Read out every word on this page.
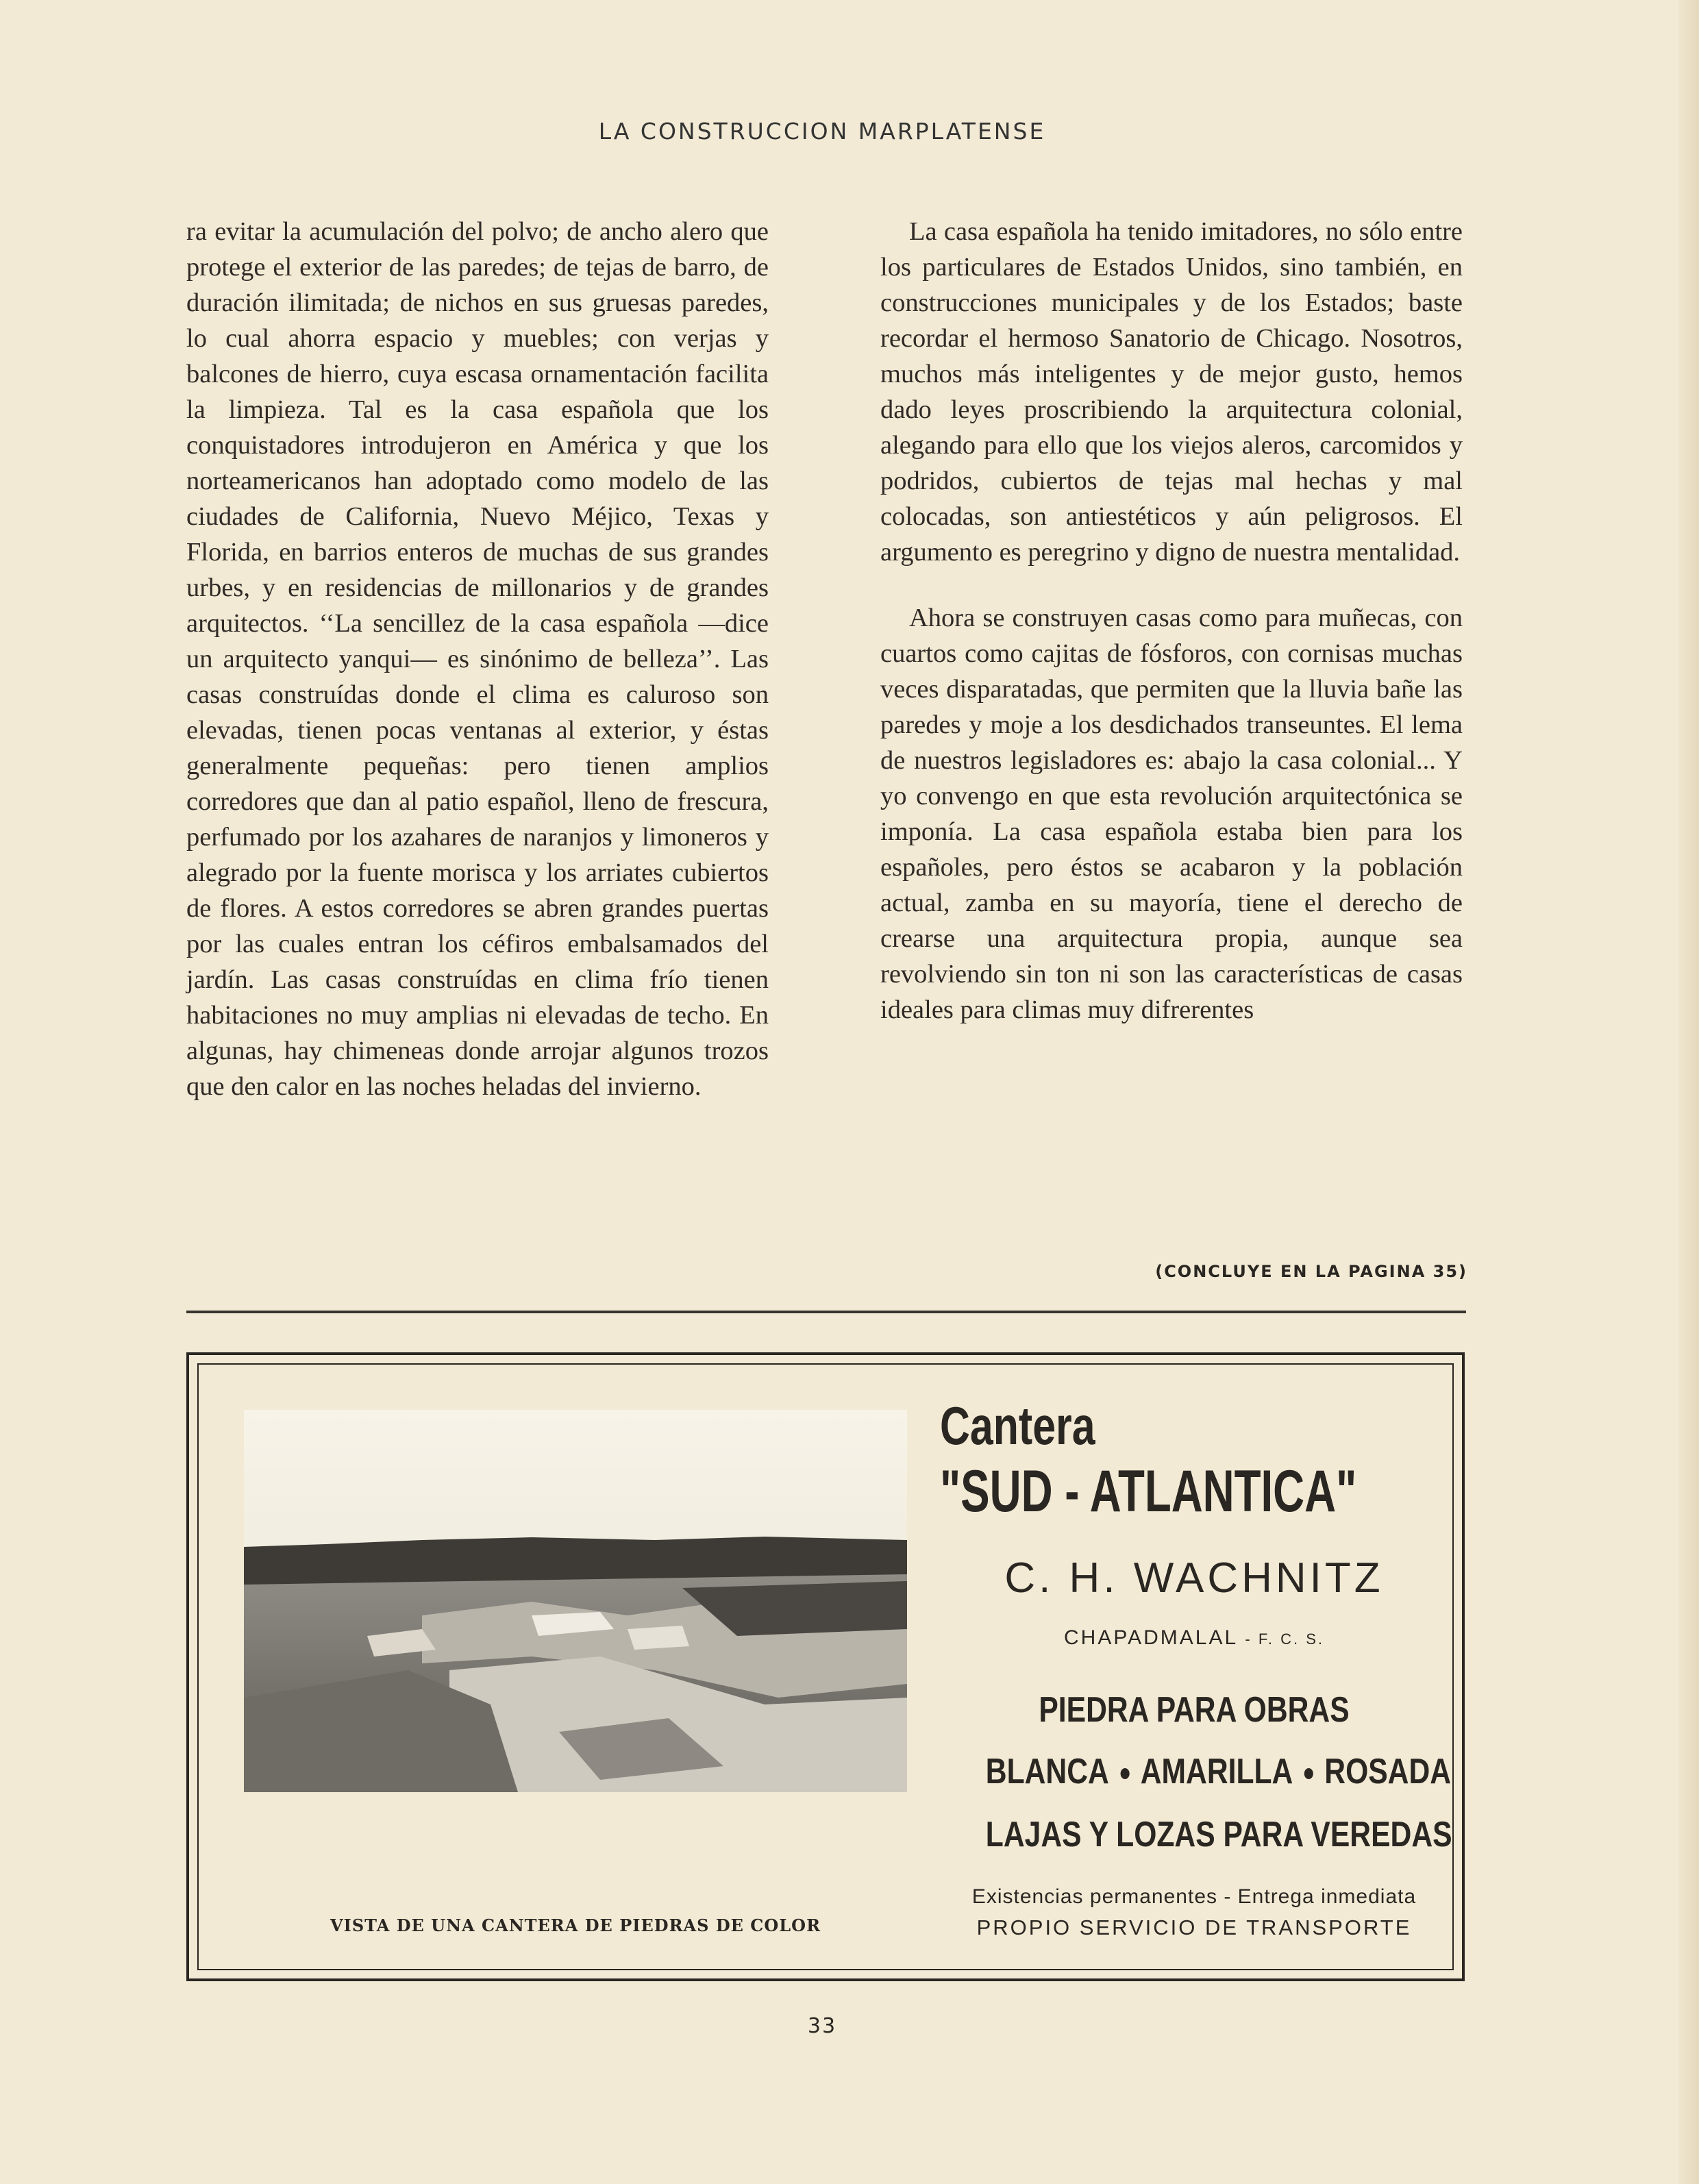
LA CONSTRUCCION MARPLATENSE

ra evitar la acumulación del polvo; de ancho alero que protege el exterior de las paredes; de tejas de barro, de duración ilimitada; de nichos en sus gruesas paredes, lo cual ahorra espacio y muebles; con verjas y balcones de hierro, cuya escasa ornamentación facilita la limpieza. Tal es la casa española que los conquistadores introdujeron en América y que los norteamericanos han adoptado como modelo de las ciudades de California, Nuevo Méjico, Texas y Florida, en barrios enteros de muchas de sus grandes urbes, y en residencias de millonarios y de grandes arquitectos. ‘‘La sencillez de la casa española —dice un arquitecto yanqui— es sinónimo de belleza’’. Las casas construídas donde el clima es caluroso son elevadas, tienen pocas ventanas al exterior, y éstas generalmente pequeñas: pero tienen amplios corredores que dan al patio español, lleno de frescura, perfumado por los azahares de naranjos y limoneros y alegrado por la fuente morisca y los arriates cubiertos de flores. A estos corredores se abren grandes puertas por las cuales entran los céfiros embalsamados del jardín. Las casas construídas en clima frío tienen habitaciones no muy amplias ni elevadas de techo. En algunas, hay chimeneas donde arrojar algunos trozos que den calor en las noches heladas del invierno.

La casa española ha tenido imitadores, no sólo entre los particulares de Estados Unidos, sino también, en construcciones municipales y de los Estados; baste recordar el hermoso Sanatorio de Chicago. Nosotros, muchos más inteligentes y de mejor gusto, hemos dado leyes proscribiendo la arquitectura colonial, alegando para ello que los viejos aleros, carcomidos y podridos, cubiertos de tejas mal hechas y mal colocadas, son antiestéticos y aún peligrosos. El argumento es peregrino y digno de nuestra mentalidad.

Ahora se construyen casas como para muñecas, con cuartos como cajitas de fósforos, con cornisas muchas veces disparatadas, que permiten que la lluvia bañe las paredes y moje a los desdichados transeuntes. El lema de nuestros legisladores es: abajo la casa colonial... Y yo convengo en que esta revolución arquitectónica se imponía. La casa española estaba bien para los españoles, pero éstos se acabaron y la población actual, zamba en su mayoría, tiene el derecho de crearse una arquitectura propia, aunque sea revolviendo sin ton ni son las características de casas ideales para climas muy difrerentes

(CONCLUYE EN LA PAGINA 35)
VISTA DE UNA CANTERA DE PIEDRAS DE COLOR
Cantera
"SUD - ATLANTICA"
C. H. WACHNITZ
CHAPADMALAL - F. C. S.
PIEDRA PARA OBRAS
BLANCA AMARILLA ROSADA
LAJAS Y LOZAS PARA VEREDAS
Existencias permanentes - Entrega inmediata
PROPIO SERVICIO DE TRANSPORTE
33
